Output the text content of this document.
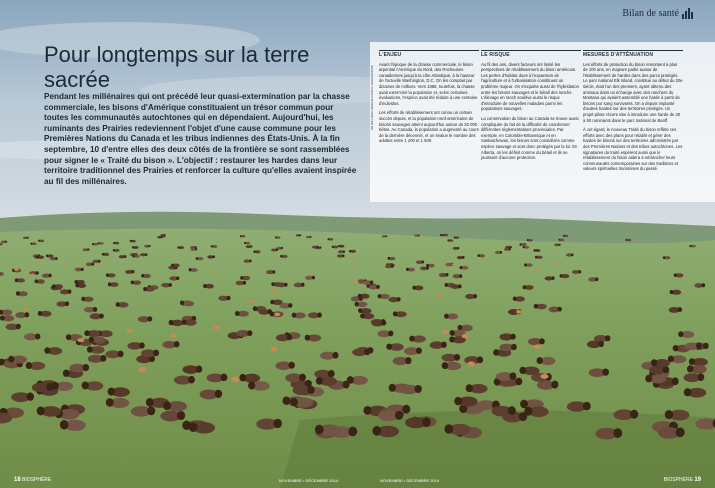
Bilan de santé
Pour longtemps sur la terre sacrée

Pendant les millénaires qui ont précédé leur quasi-extermination par la chasse commerciale, les bisons d'Amérique constituaient un trésor commun pour toutes les communautés autochtones qui en dépendaient. Aujourd'hui, les ruminants des Prairies redeviennent l'objet d'une cause commune pour les Premières Nations du Canada et les tribus indiennes des États-Unis. À la fin septembre, 10 d'entre elles des deux côtés de la frontière se sont rassemblées pour signer le « Traité du bison ». L'objectif : restaurer les hardes dans leur territoire traditionnel des Prairies et renforcer la culture qu'elles avaient inspirée au fil des millénaires.

DR RICHARD NEOH/NATIONAL GEOGRAPHIC
L'ENJEU

Avant l'époque de la chasse commerciale, le bison arpentait l'Amérique du Nord, des Rocheuses canadiennes jusqu'à la côte Atlantique, à la hauteur de l'actuelle Washington, D.C. On les comptait par dizaines de millions. Vers 1888, toutefois, la chasse avait exterminé la population et, selon certaines évaluations, l'espèce avait été réduite à une centaine d'individus.

Les efforts de rétablissement ont connu un certain succès depuis, et la population nord-américaine de bisons sauvages atteint aujourd'hui autour de 20 000 bêtes. Au Canada, la population a augmenté au cours de la dernière décennie, et on évalue le nombre des adultes entre 1 200 et 1 500.

LE RISQUE

Au fil des ans, divers facteurs ont limité les perspectives de rétablissement du bison américain. Les pertes d'habitat dues à l'expansion de l'agriculture et à l'urbanisation constituent un problème majeur. On s'inquiète aussi de l'hybridation entre les bisons sauvages et le bétail des ranchs. L'élevage en ranch soulève aussi le risque d'introduire de nouvelles maladies parmi les populations sauvages.

La conservation du bison au Canada se trouve aussi compliquée du fait de la difficulté de coordonner différentes réglementations provinciales. Par exemple, en Colombie-Britannique et en Saskatchewan, les bisons sont considérés comme espèce sauvage et sont donc protégés par la loi. En Alberta, on les définit comme du bétail et ils ne jouissent d'aucune protection.

MESURES D'ATTÉNUATION

Les efforts de protection du bison remontent à plus de 100 ans, en majeure partie autour de l'établissement de hardes dans des parcs protégés. Le parc national Elk Island, constitué au début du 20e siècle, était l'un des premiers, ayant obtenu des animaux dans un échange avec des ranchers du Montana qui avaient assemblé une harde à partir de bisons pur sang survivants. On a depuis implanté d'autres hardes sur des territoires protégés. Un projet-pilote récent vise à introduire une harde de 30 à 50 ruminants dans le parc national de Banff.

À cet égard, le nouveau Traité du bison reflète ces efforts avec des plans pour rétablir et gérer des hardes de bisons sur des territoires administrés par des Premières Nations et des tribus autochtones. Les signataires du traité espèrent aussi que le rétablissement du bison aidera à rebrancher leurs communautés contemporaines sur des traditions et valeurs spirituelles transmises du passé.

18 BIOSPHÈRE	NOVEMBRE • DÉCEMBRE 2014	NOVEMBRE • DÉCEMBRE 2014	BIOSPHÈRE 19
